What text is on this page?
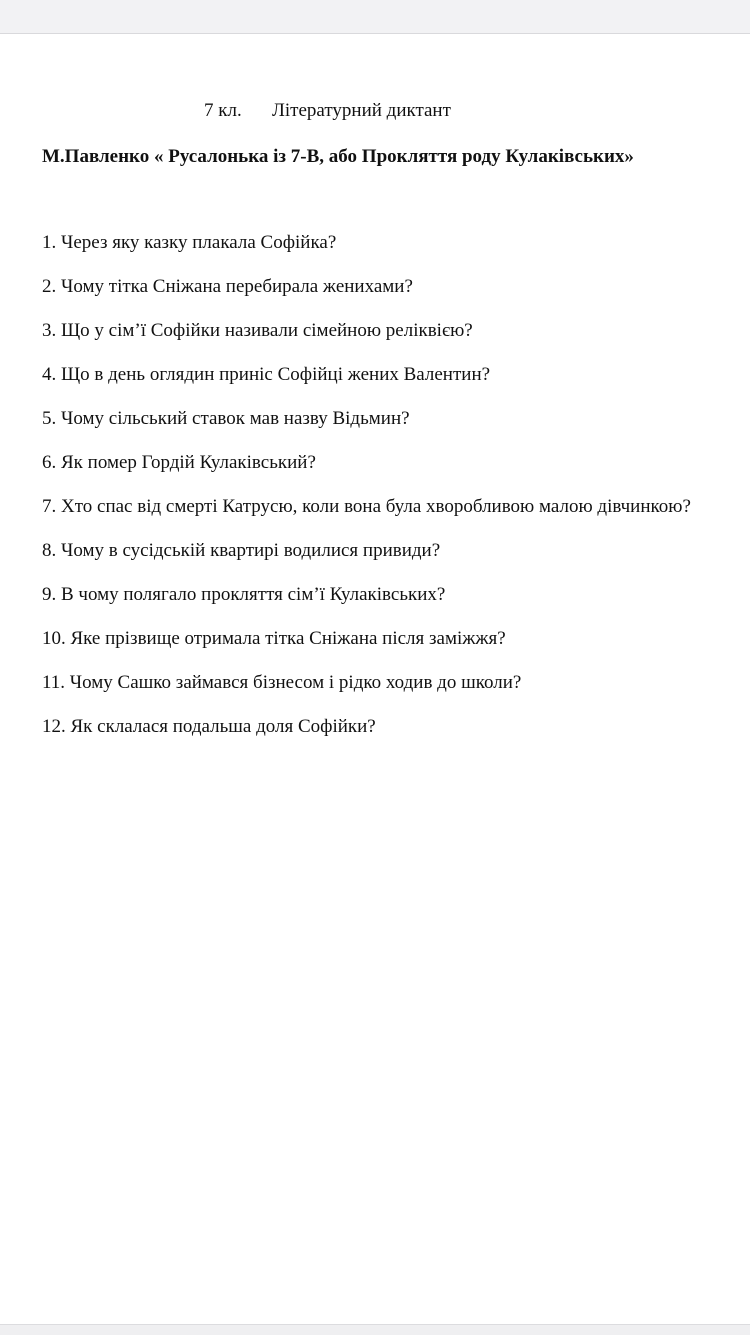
7 кл. Літературний диктант
М.Павленко « Русалонька із 7-В, або Прокляття роду Кулаківських»
1. Через яку казку плакала Софійка?
2. Чому тітка Сніжана перебирала женихами?
3. Що у сім’ї Софійки називали сімейною реліквією?
4. Що в день оглядин приніс Софійці жених Валентин?
5. Чому сільський ставок мав назву Відьмин?
6. Як помер Гордій Кулаківський?
7. Хто спас від смерті Катрусю, коли вона була хворобливою малою дівчинкою?
8. Чому в сусідській квартирі водилися привиди?
9. В чому полягало прокляття сім’ї Кулаківських?
10. Яке прізвище отримала тітка Сніжана після заміжжя?
11. Чому Сашко займався бізнесом і рідко ходив до школи?
12. Як склалася подальша доля Софійки?
